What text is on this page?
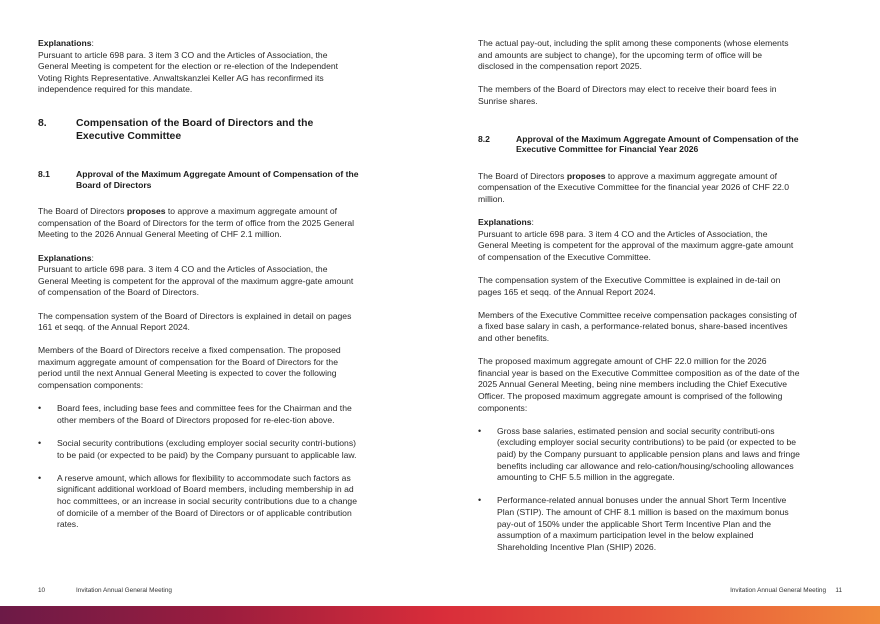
Explanations:
Pursuant to article 698 para. 3 item 3 CO and the Articles of Association, the General Meeting is competent for the election or re-election of the Independent Voting Rights Representative. Anwaltskanzlei Keller AG has reconfirmed its independence required for this mandate.

8.	Compensation of the Board of Directors and the Executive Committee
8.1	Approval of the Maximum Aggregate Amount of Compensation of the Board of Directors

The Board of Directors proposes to approve a maximum aggregate amount of compensation of the Board of Directors for the term of office from the 2025 General Meeting to the 2026 Annual General Meeting of CHF 2.1 million.

Explanations:
Pursuant to article 698 para. 3 item 4 CO and the Articles of Association, the General Meeting is competent for the approval of the maximum aggre-gate amount of compensation of the Board of Directors.

The compensation system of the Board of Directors is explained in detail on pages 161 et seqq. of the Annual Report 2024.

Members of the Board of Directors receive a fixed compensation. The proposed maximum aggregate amount of compensation for the Board of Directors for the period until the next Annual General Meeting is expected to cover the following compensation components:

•	Board fees, including base fees and committee fees for the Chairman and the other members of the Board of Directors proposed for re-elec-tion above.
•	Social security contributions (excluding employer social security contri-butions) to be paid (or expected to be paid) by the Company pursuant to applicable law.
•	A reserve amount, which allows for flexibility to accommodate such factors as significant additional workload of Board members, including membership in ad hoc committees, or an increase in social security contributions due to a change of domicile of a member of the Board of Directors or of applicable contribution rates.

The actual pay-out, including the split among these components (whose elements and amounts are subject to change), for the upcoming term of office will be disclosed in the compensation report 2025.

The members of the Board of Directors may elect to receive their board fees in Sunrise shares.

8.2	Approval of the Maximum Aggregate Amount of Compensation of the Executive Committee for Financial Year 2026

The Board of Directors proposes to approve a maximum aggregate amount of compensation of the Executive Committee for the financial year 2026 of CHF 22.0 million.

Explanations:
Pursuant to article 698 para. 3 item 4 CO and the Articles of Association, the General Meeting is competent for the approval of the maximum aggre-gate amount of compensation of the Executive Committee.

The compensation system of the Executive Committee is explained in de-tail on pages 165 et seqq. of the Annual Report 2024.

Members of the Executive Committee receive compensation packages consisting of a fixed base salary in cash, a performance-related bonus, share-based incentives and other benefits.

The proposed maximum aggregate amount of CHF 22.0 million for the 2026 financial year is based on the Executive Committee composition as of the date of the 2025 Annual General Meeting, being nine members including the Chief Executive Officer. The proposed maximum aggregate amount is comprised of the following components:

•	Gross base salaries, estimated pension and social security contributi-ons (excluding employer social security contributions) to be paid (or expected to be paid) by the Company pursuant to applicable pension plans and laws and fringe benefits including car allowance and relo-cation/housing/schooling allowances amounting to CHF 5.5 million in the aggregate.
•	Performance-related annual bonuses under the annual Short Term Incentive Plan (STIP). The amount of CHF 8.1 million is based on the maximum bonus pay-out of 150% under the applicable Short Term Incentive Plan and the assumption of a maximum participation level in the below explained Shareholding Incentive Plan (SHIP) 2026.
10	Invitation Annual General Meeting	Invitation Annual General Meeting 11
